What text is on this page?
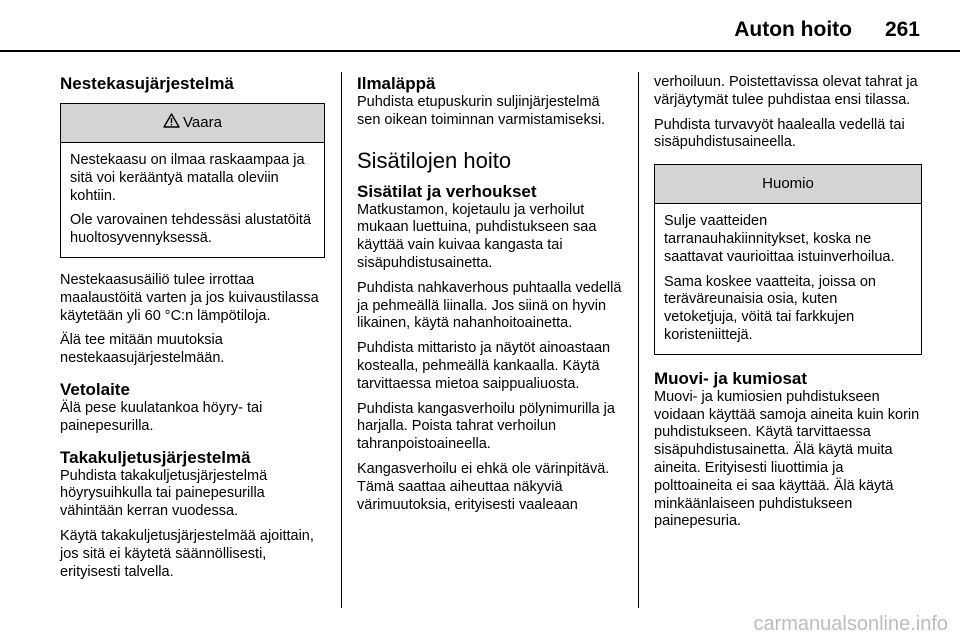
Auton hoito 261
Nestekasujärjestelmä
Vaara

Nestekaasu on ilmaa raskaampaa ja sitä voi kerääntyä matalla oleviin kohtiin.

Ole varovainen tehdessäsi alustatöitä huoltosyvennyksessä.

Nestekaasusäiliö tulee irrottaa maalaustöitä varten ja jos kuivaustilassa käytetään yli 60 °C:n lämpötiloja.

Älä tee mitään muutoksia nestekaasujärjestelmään.

Vetolaite

Älä pese kuulatankoa höyry- tai painepesurilla.

Takakuljetusjärjestelmä

Puhdista takakuljetusjärjestelmä höyrysuihkulla tai painepesurilla vähintään kerran vuodessa.

Käytä takakuljetusjärjestelmää ajoittain, jos sitä ei käytetä säännöllisesti, erityisesti talvella.

Ilmaläppä

Puhdista etupuskurin suljinjärjestelmä sen oikean toiminnan varmistamiseksi.

Sisätilojen hoito
Sisätilat ja verhoukset

Matkustamon, kojetaulu ja verhoilut mukaan luettuina, puhdistukseen saa käyttää vain kuivaa kangasta tai sisäpuhdistusainetta.

Puhdista nahkaverhous puhtaalla vedellä ja pehmeällä liinalla. Jos siinä on hyvin likainen, käytä nahanhoitoainetta.

Puhdista mittaristo ja näytöt ainoastaan kostealla, pehmeällä kankaalla. Käytä tarvittaessa mietoa saippualiuosta.

Puhdista kangasverhoilu pölynimurilla ja harjalla. Poista tahrat verhoilun tahranpoistoaineella.

Kangasverhoilu ei ehkä ole värinpitävä. Tämä saattaa aiheuttaa näkyviä värimuutoksia, erityisesti vaaleaan

verhoiluun. Poistettavissa olevat tahrat ja värjäytymät tulee puhdistaa ensi tilassa.

Puhdista turvavyöt haalealla vedellä tai sisäpuhdistusaineella.

Huomio

Sulje vaatteiden tarranauhakiinnitykset, koska ne saattavat vaurioittaa istuinverhoilua.

Sama koskee vaatteita, joissa on teräväreunaisia osia, kuten vetoketjuja, vöitä tai farkkujen koristeniittejä.

Muovi- ja kumiosat

Muovi- ja kumiosien puhdistukseen voidaan käyttää samoja aineita kuin korin puhdistukseen. Käytä tarvittaessa sisäpuhdistusainetta. Älä käytä muita aineita. Erityisesti liuottimia ja polttoaineita ei saa käyttää. Älä käytä minkäänlaiseen puhdistukseen painepesuria.

carmanualsonline.info
